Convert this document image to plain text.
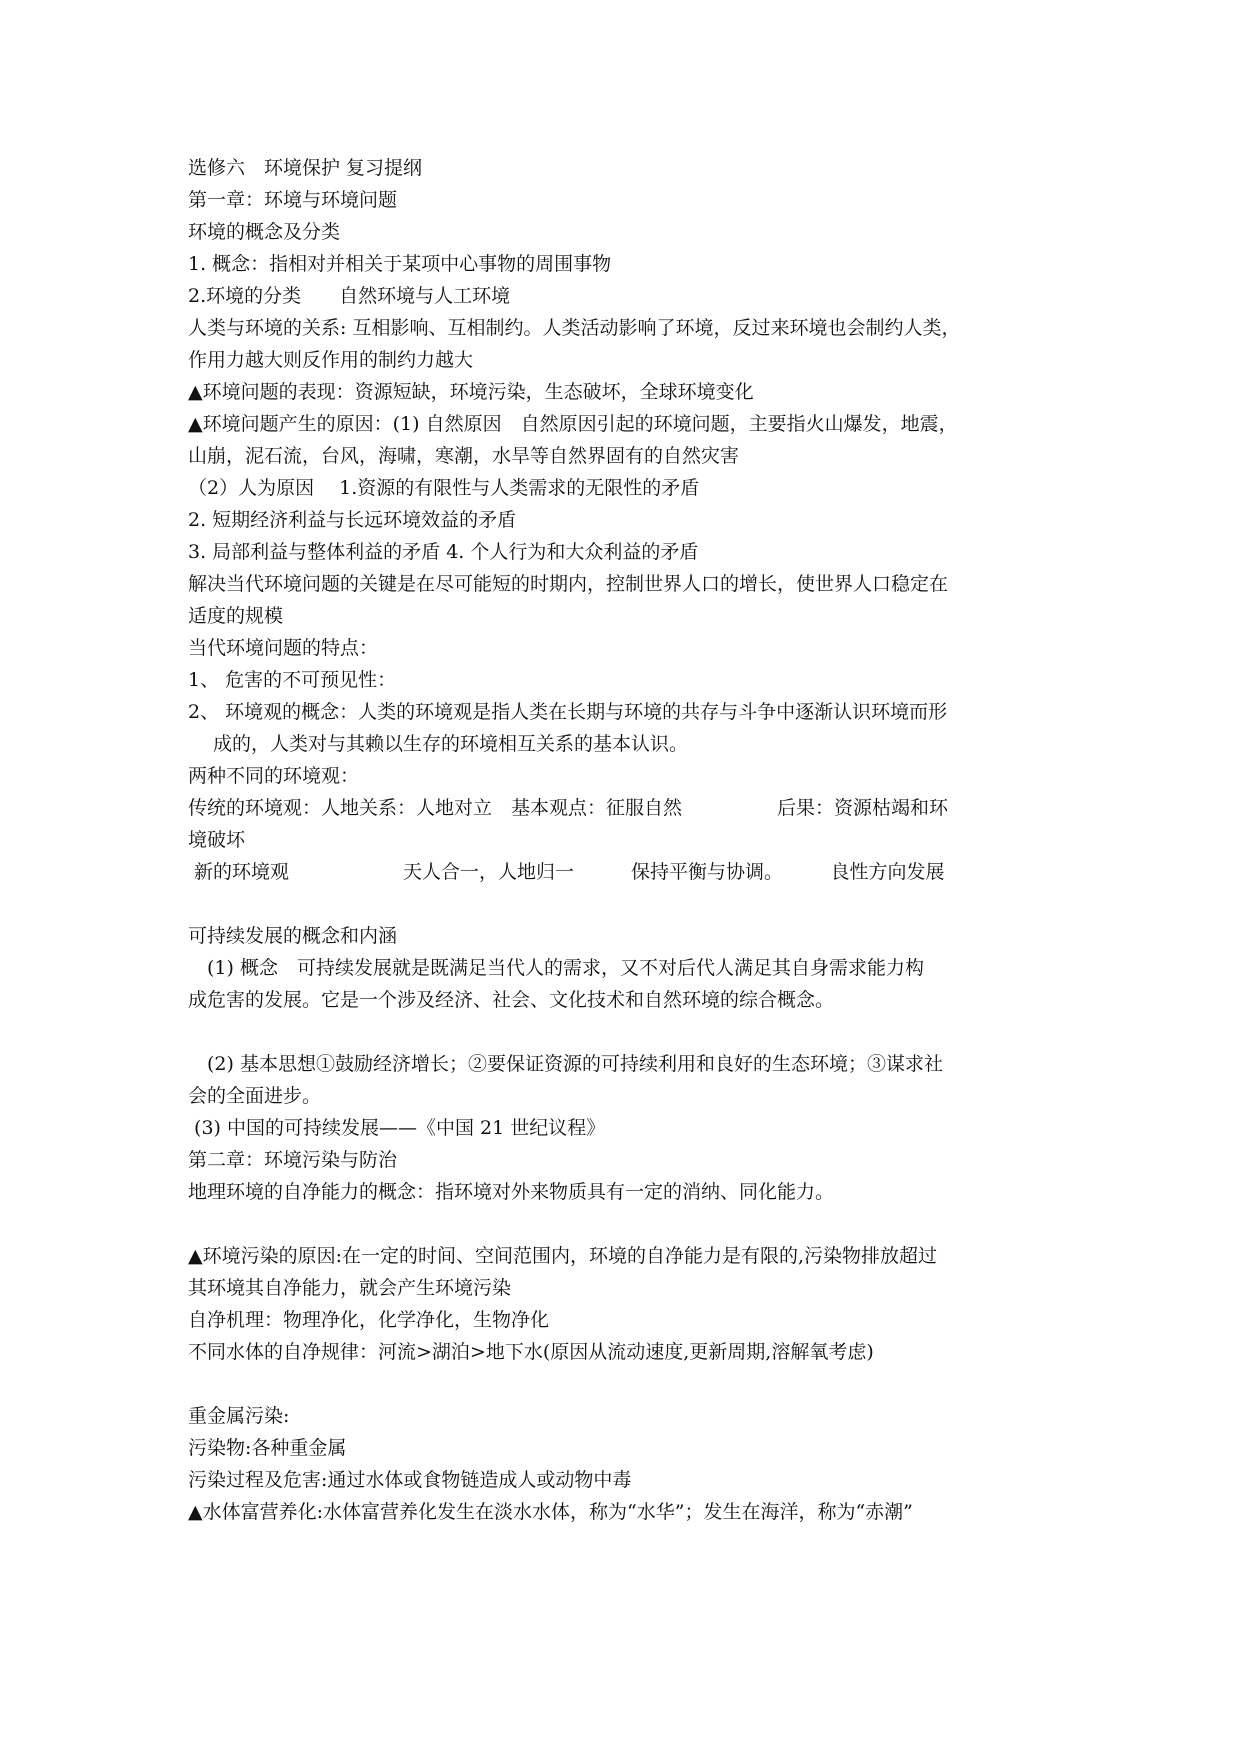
选修六　环境保护 复习提纲
第一章：环境与环境问题
环境的概念及分类
1. 概念：指相对并相关于某项中心事物的周围事物
2.环境的分类　　自然环境与人工环境
人类与环境的关系: 互相影响、互相制约。人类活动影响了环境，反过来环境也会制约人类，
作用力越大则反作用的制约力越大
▲环境问题的表现：资源短缺，环境污染，生态破坏，全球环境变化
▲环境问题产生的原因：(1) 自然原因　自然原因引起的环境问题，主要指火山爆发，地震，
山崩，泥石流，台风，海啸，寒潮，水旱等自然界固有的自然灾害
（2）人为原因　 1.资源的有限性与人类需求的无限性的矛盾
2. 短期经济利益与长远环境效益的矛盾
3. 局部利益与整体利益的矛盾 4. 个人行为和大众利益的矛盾
解决当代环境问题的关键是在尽可能短的时期内，控制世界人口的增长，使世界人口稳定在
适度的规模
当代环境问题的特点：
1、 危害的不可预见性：
2、 环境观的概念：人类的环境观是指人类在长期与环境的共存与斗争中逐渐认识环境而形
　 成的，人类对与其赖以生存的环境相互关系的基本认识。
两种不同的环境观：
传统的环境观：人地关系：人地对立　基本观点：征服自然　　　　　后果：资源枯竭和环
境破坏
新的环境观　　　　　　天人合一，人地归一　　　保持平衡与协调。　　　良性方向发展
可持续发展的概念和内涵
　(1) 概念　可持续发展就是既满足当代人的需求，又不对后代人满足其自身需求能力构
成危害的发展。它是一个涉及经济、社会、文化技术和自然环境的综合概念。
　(2) 基本思想①鼓励经济增长；②要保证资源的可持续利用和良好的生态环境；③谋求社
会的全面进步。
(3) 中国的可持续发展——《中国 21 世纪议程》
第二章：环境污染与防治
地理环境的自净能力的概念：指环境对外来物质具有一定的消纳、同化能力。
▲环境污染的原因:在一定的时间、空间范围内，环境的自净能力是有限的,污染物排放超过
其环境其自净能力，就会产生环境污染
自净机理：物理净化，化学净化，生物净化
不同水体的自净规律：河流>湖泊>地下水(原因从流动速度,更新周期,溶解氧考虑)
重金属污染:
污染物:各种重金属
污染过程及危害:通过水体或食物链造成人或动物中毒
▲水体富营养化:水体富营养化发生在淡水水体，称为“水华”；发生在海洋，称为“赤潮”
